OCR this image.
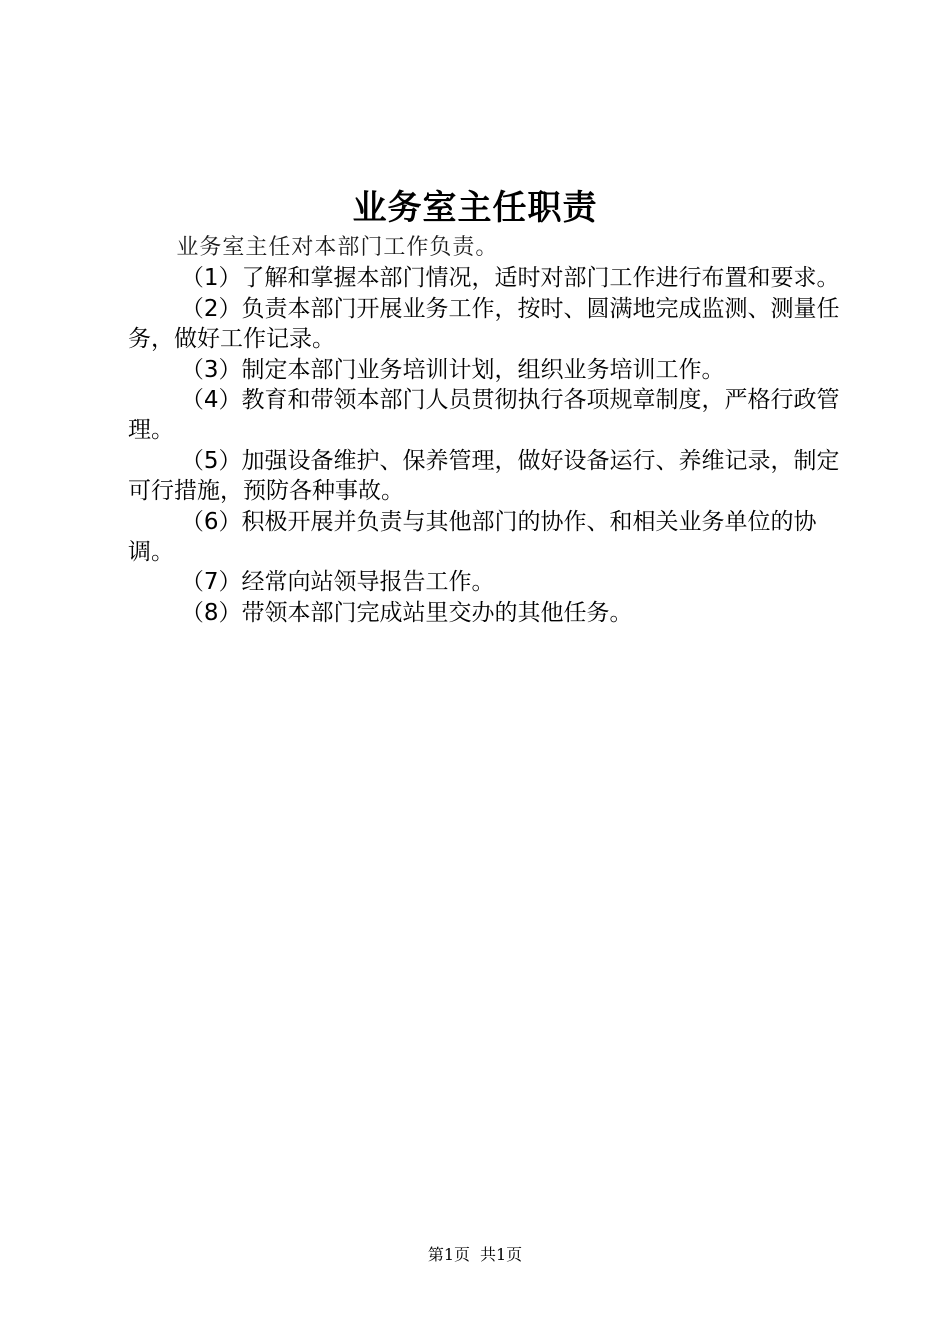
业务室主任职责

业务室主任对本部门工作负责。

（1）了解和掌握本部门情况，适时对部门工作进行布置和要求。

（2）负责本部门开展业务工作，按时、圆满地完成监测、测量任务，做好工作记录。

（3）制定本部门业务培训计划，组织业务培训工作。

（4）教育和带领本部门人员贯彻执行各项规章制度，严格行政管理。

（5）加强设备维护、保养管理，做好设备运行、养维记录，制定可行措施，预防各种事故。

（6）积极开展并负责与其他部门的协作、和相关业务单位的协调。

（7）经常向站领导报告工作。

（8）带领本部门完成站里交办的其他任务。

第1页 共1页
